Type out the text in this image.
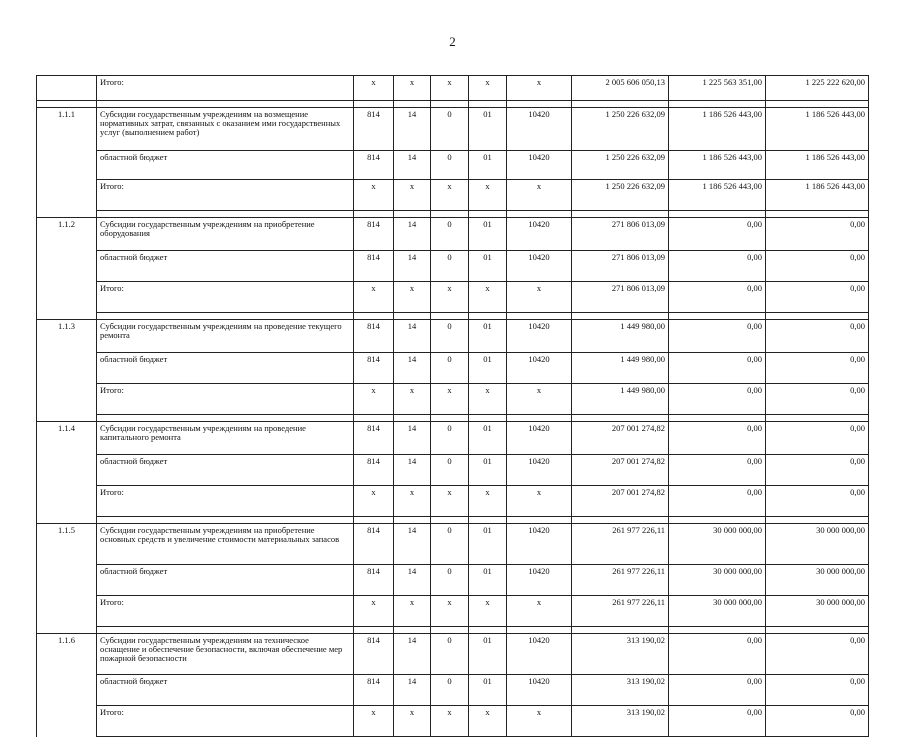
2
	Итого:	x	x	x	x	x	2 005 606 050,13	1 225 563 351,00	1 225 222 620,00

1.1.1	Субсидии государственным учреждениям на возмещение нормативных затрат, связанных с оказанием ими государственных услуг (выполнением работ)	814	14	0	01	10420	1 250 226 632,09	1 186 526 443,00	1 186 526 443,00
	областной бюджет	814	14	0	01	10420	1 250 226 632,09	1 186 526 443,00	1 186 526 443,00
	Итого:	x	x	x	x	x	1 250 226 632,09	1 186 526 443,00	1 186 526 443,00

1.1.2	Субсидии государственным учреждениям на приобретение оборудования	814	14	0	01	10420	271 806 013,09	0,00	0,00
	областной бюджет	814	14	0	01	10420	271 806 013,09	0,00	0,00
	Итого:	x	x	x	x	x	271 806 013,09	0,00	0,00

1.1.3	Субсидии государственным учреждениям на проведение текущего ремонта	814	14	0	01	10420	1 449 980,00	0,00	0,00
	областной бюджет	814	14	0	01	10420	1 449 980,00	0,00	0,00
	Итого:	x	x	x	x	x	1 449 980,00	0,00	0,00

1.1.4	Субсидии государственным учреждениям на проведение капитального ремонта	814	14	0	01	10420	207 001 274,82	0,00	0,00
	областной бюджет	814	14	0	01	10420	207 001 274,82	0,00	0,00
	Итого:	x	x	x	x	x	207 001 274,82	0,00	0,00

1.1.5	Субсидии государственным учреждениям на приобретение основных средств и увеличение стоимости материальных запасов	814	14	0	01	10420	261 977 226,11	30 000 000,00	30 000 000,00
	областной бюджет	814	14	0	01	10420	261 977 226,11	30 000 000,00	30 000 000,00
	Итого:	x	x	x	x	x	261 977 226,11	30 000 000,00	30 000 000,00

1.1.6	Субсидии государственным учреждениям на техническое оснащение и обеспечение безопасности, включая обеспечение мер пожарной безопасности	814	14	0	01	10420	313 190,02	0,00	0,00
	областной бюджет	814	14	0	01	10420	313 190,02	0,00	0,00
	Итого:	x	x	x	x	x	313 190,02	0,00	0,00
